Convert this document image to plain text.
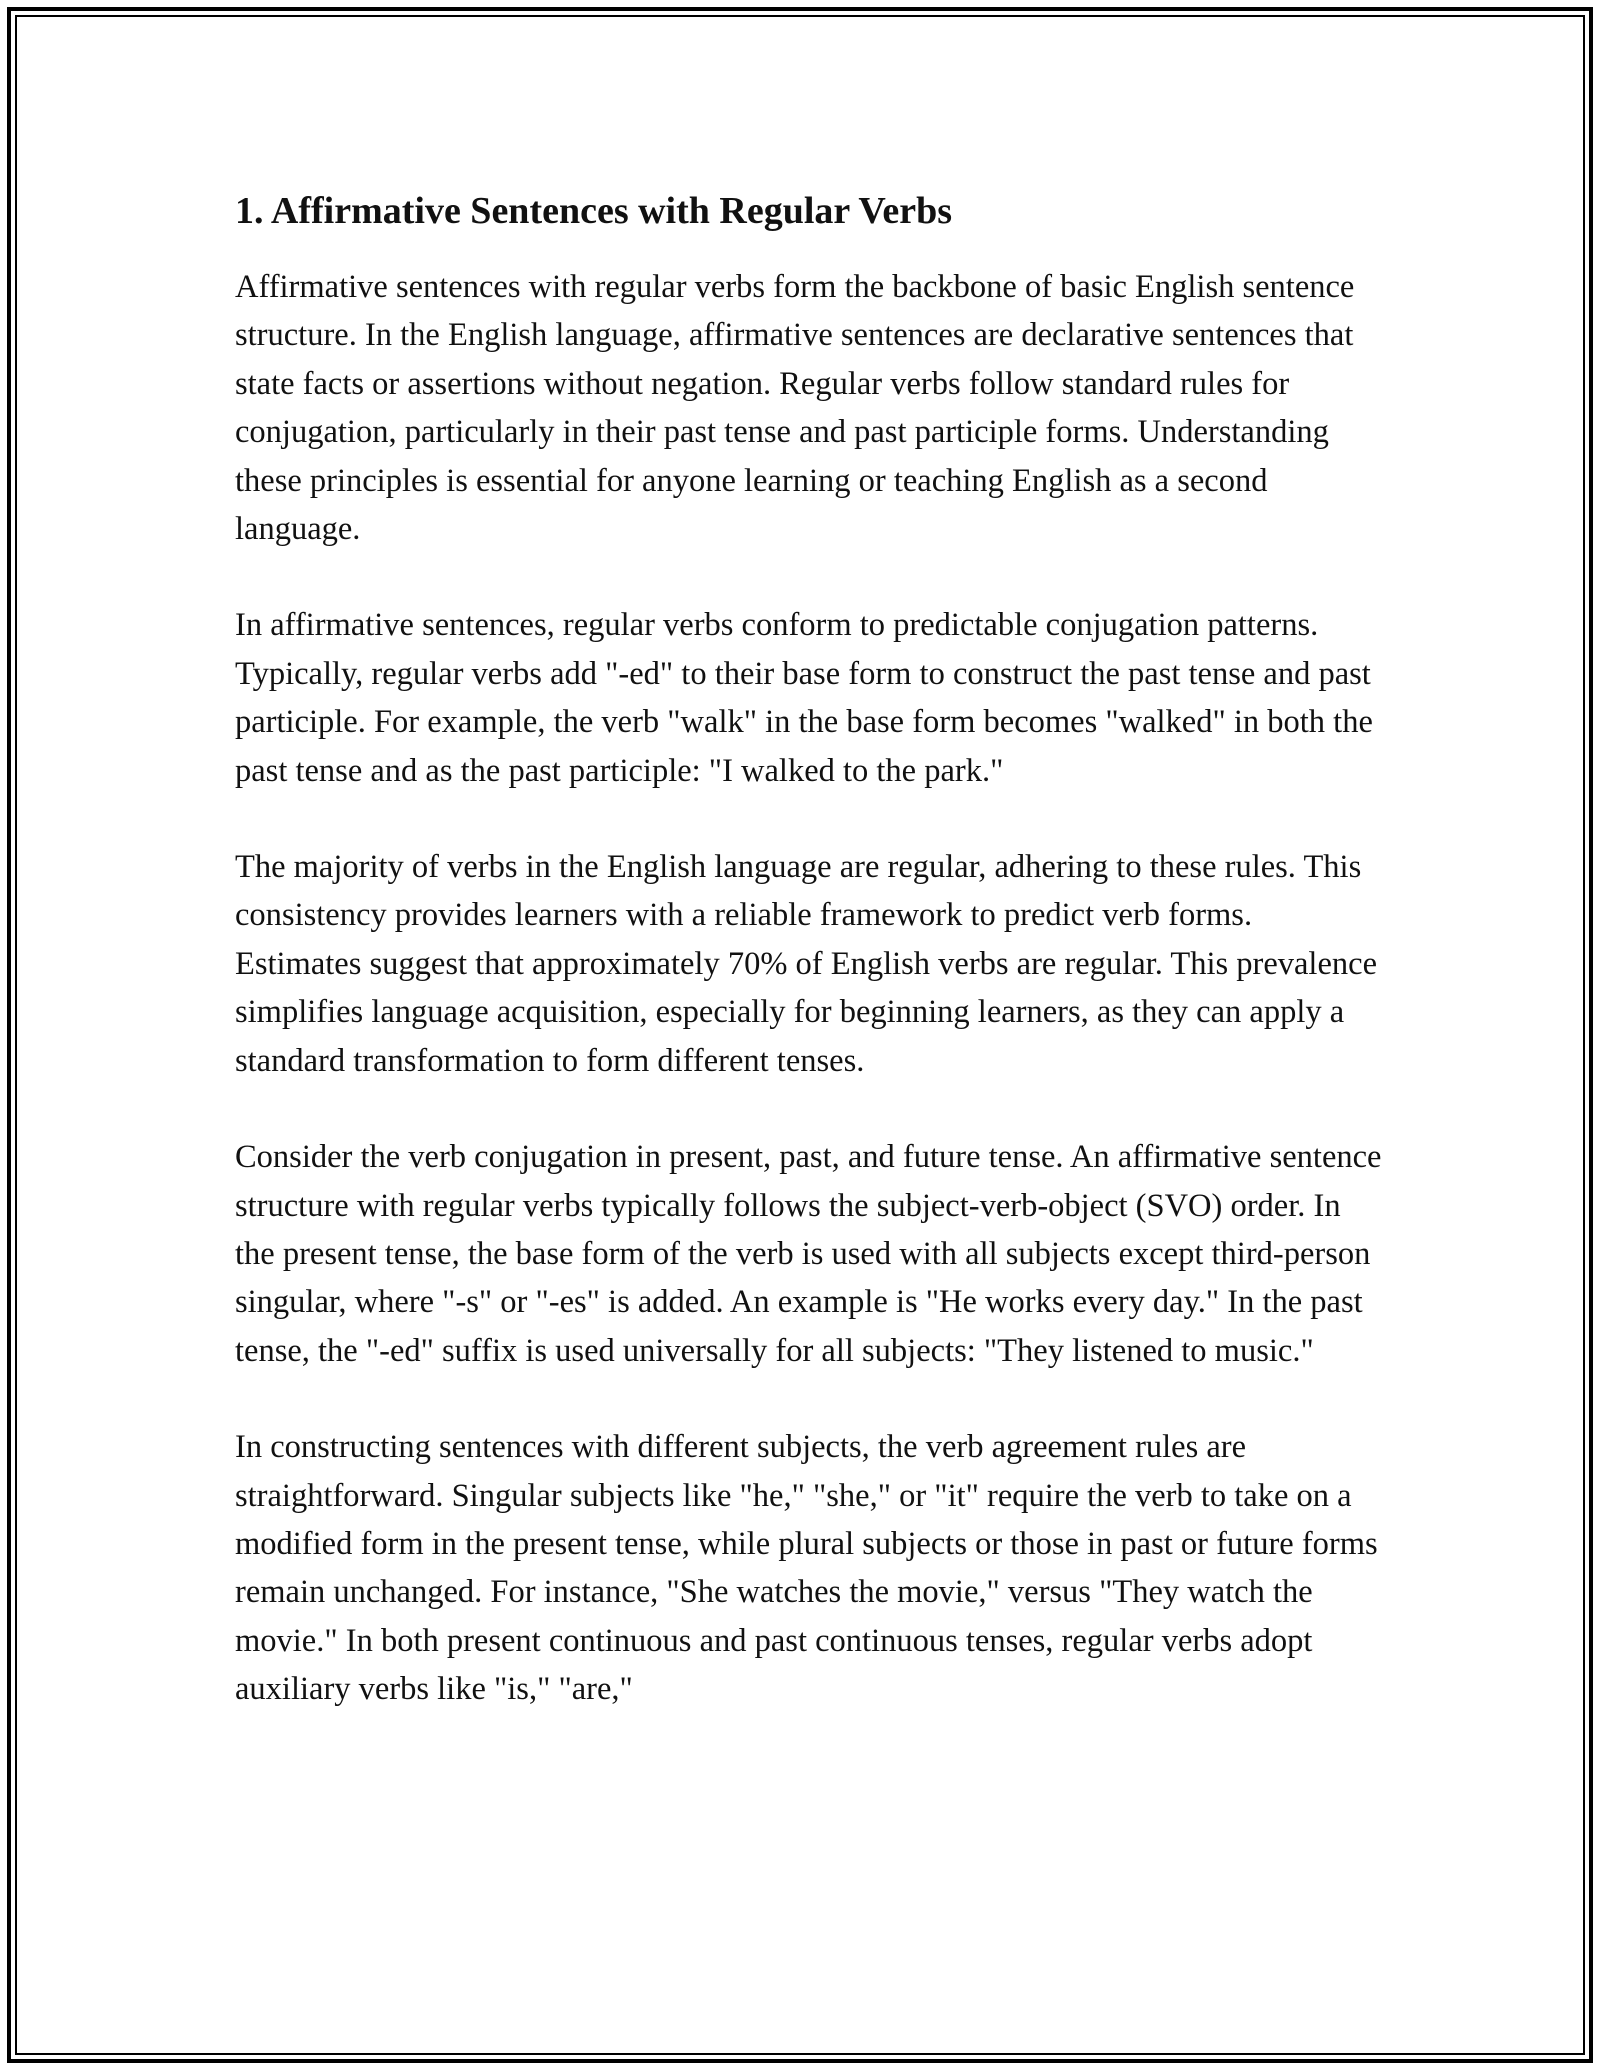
1. Affirmative Sentences with Regular Verbs

Affirmative sentences with regular verbs form the backbone of basic English sentence structure. In the English language, affirmative sentences are declarative sentences that state facts or assertions without negation. Regular verbs follow standard rules for conjugation, particularly in their past tense and past participle forms. Understanding these principles is essential for anyone learning or teaching English as a second language.

In affirmative sentences, regular verbs conform to predictable conjugation patterns. Typically, regular verbs add "-ed" to their base form to construct the past tense and past participle. For example, the verb "walk" in the base form becomes "walked" in both the past tense and as the past participle: "I walked to the park."

The majority of verbs in the English language are regular, adhering to these rules. This consistency provides learners with a reliable framework to predict verb forms. Estimates suggest that approximately 70% of English verbs are regular. This prevalence simplifies language acquisition, especially for beginning learners, as they can apply a standard transformation to form different tenses.

Consider the verb conjugation in present, past, and future tense. An affirmative sentence structure with regular verbs typically follows the subject-verb-object (SVO) order. In the present tense, the base form of the verb is used with all subjects except third-person singular, where "-s" or "-es" is added. An example is "He works every day." In the past tense, the "-ed" suffix is used universally for all subjects: "They listened to music."

In constructing sentences with different subjects, the verb agreement rules are straightforward. Singular subjects like "he," "she," or "it" require the verb to take on a modified form in the present tense, while plural subjects or those in past or future forms remain unchanged. For instance, "She watches the movie," versus "They watch the movie." In both present continuous and past continuous tenses, regular verbs adopt auxiliary verbs like "is," "are,"
